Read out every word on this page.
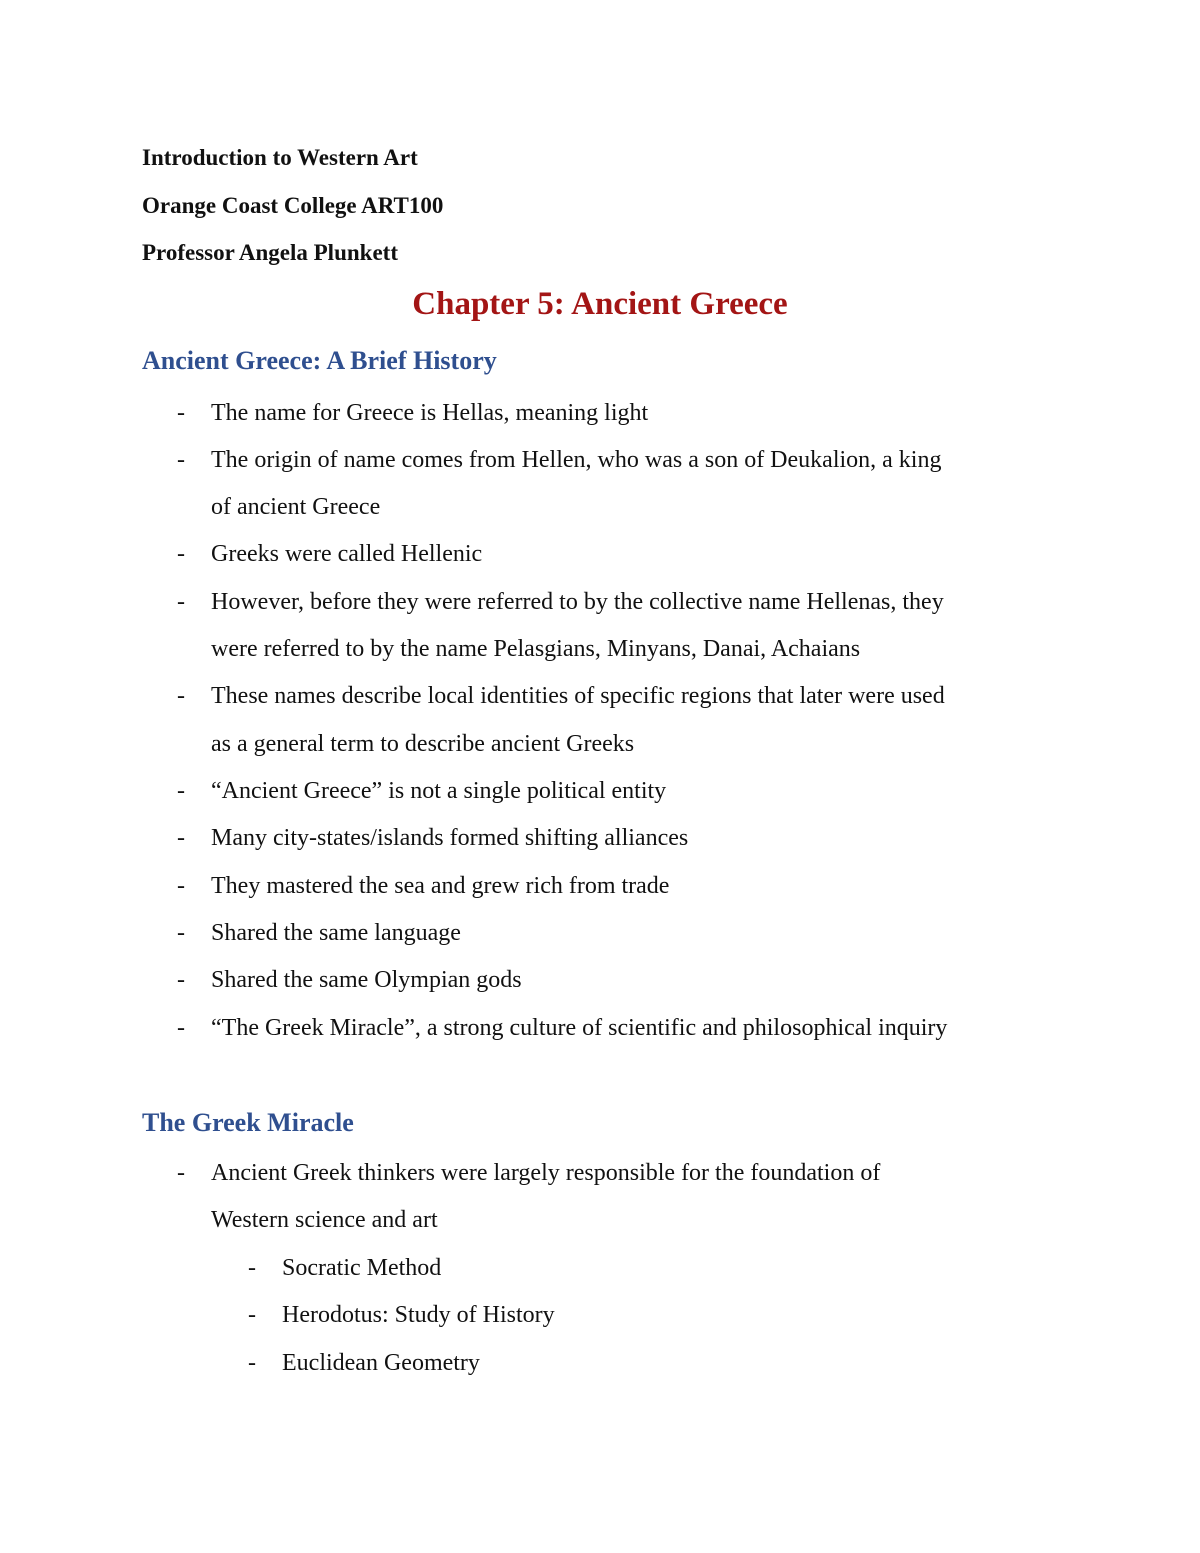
Introduction to Western Art
Orange Coast College ART100
Professor Angela Plunkett
Chapter 5: Ancient Greece
Ancient Greece: A Brief History
- The name for Greece is Hellas, meaning light
- The origin of name comes from Hellen, who was a son of Deukalion, a king
of ancient Greece
- Greeks were called Hellenic
- However, before they were referred to by the collective name Hellenas, they
were referred to by the name Pelasgians, Minyans, Danai, Achaians
- These names describe local identities of specific regions that later were used
as a general term to describe ancient Greeks
- “Ancient Greece” is not a single political entity
- Many city-states/islands formed shifting alliances
- They mastered the sea and grew rich from trade
- Shared the same language
- Shared the same Olympian gods
- “The Greek Miracle”, a strong culture of scientific and philosophical inquiry
The Greek Miracle
- Ancient Greek thinkers were largely responsible for the foundation of
Western science and art
- Socratic Method
- Herodotus: Study of History
- Euclidean Geometry
